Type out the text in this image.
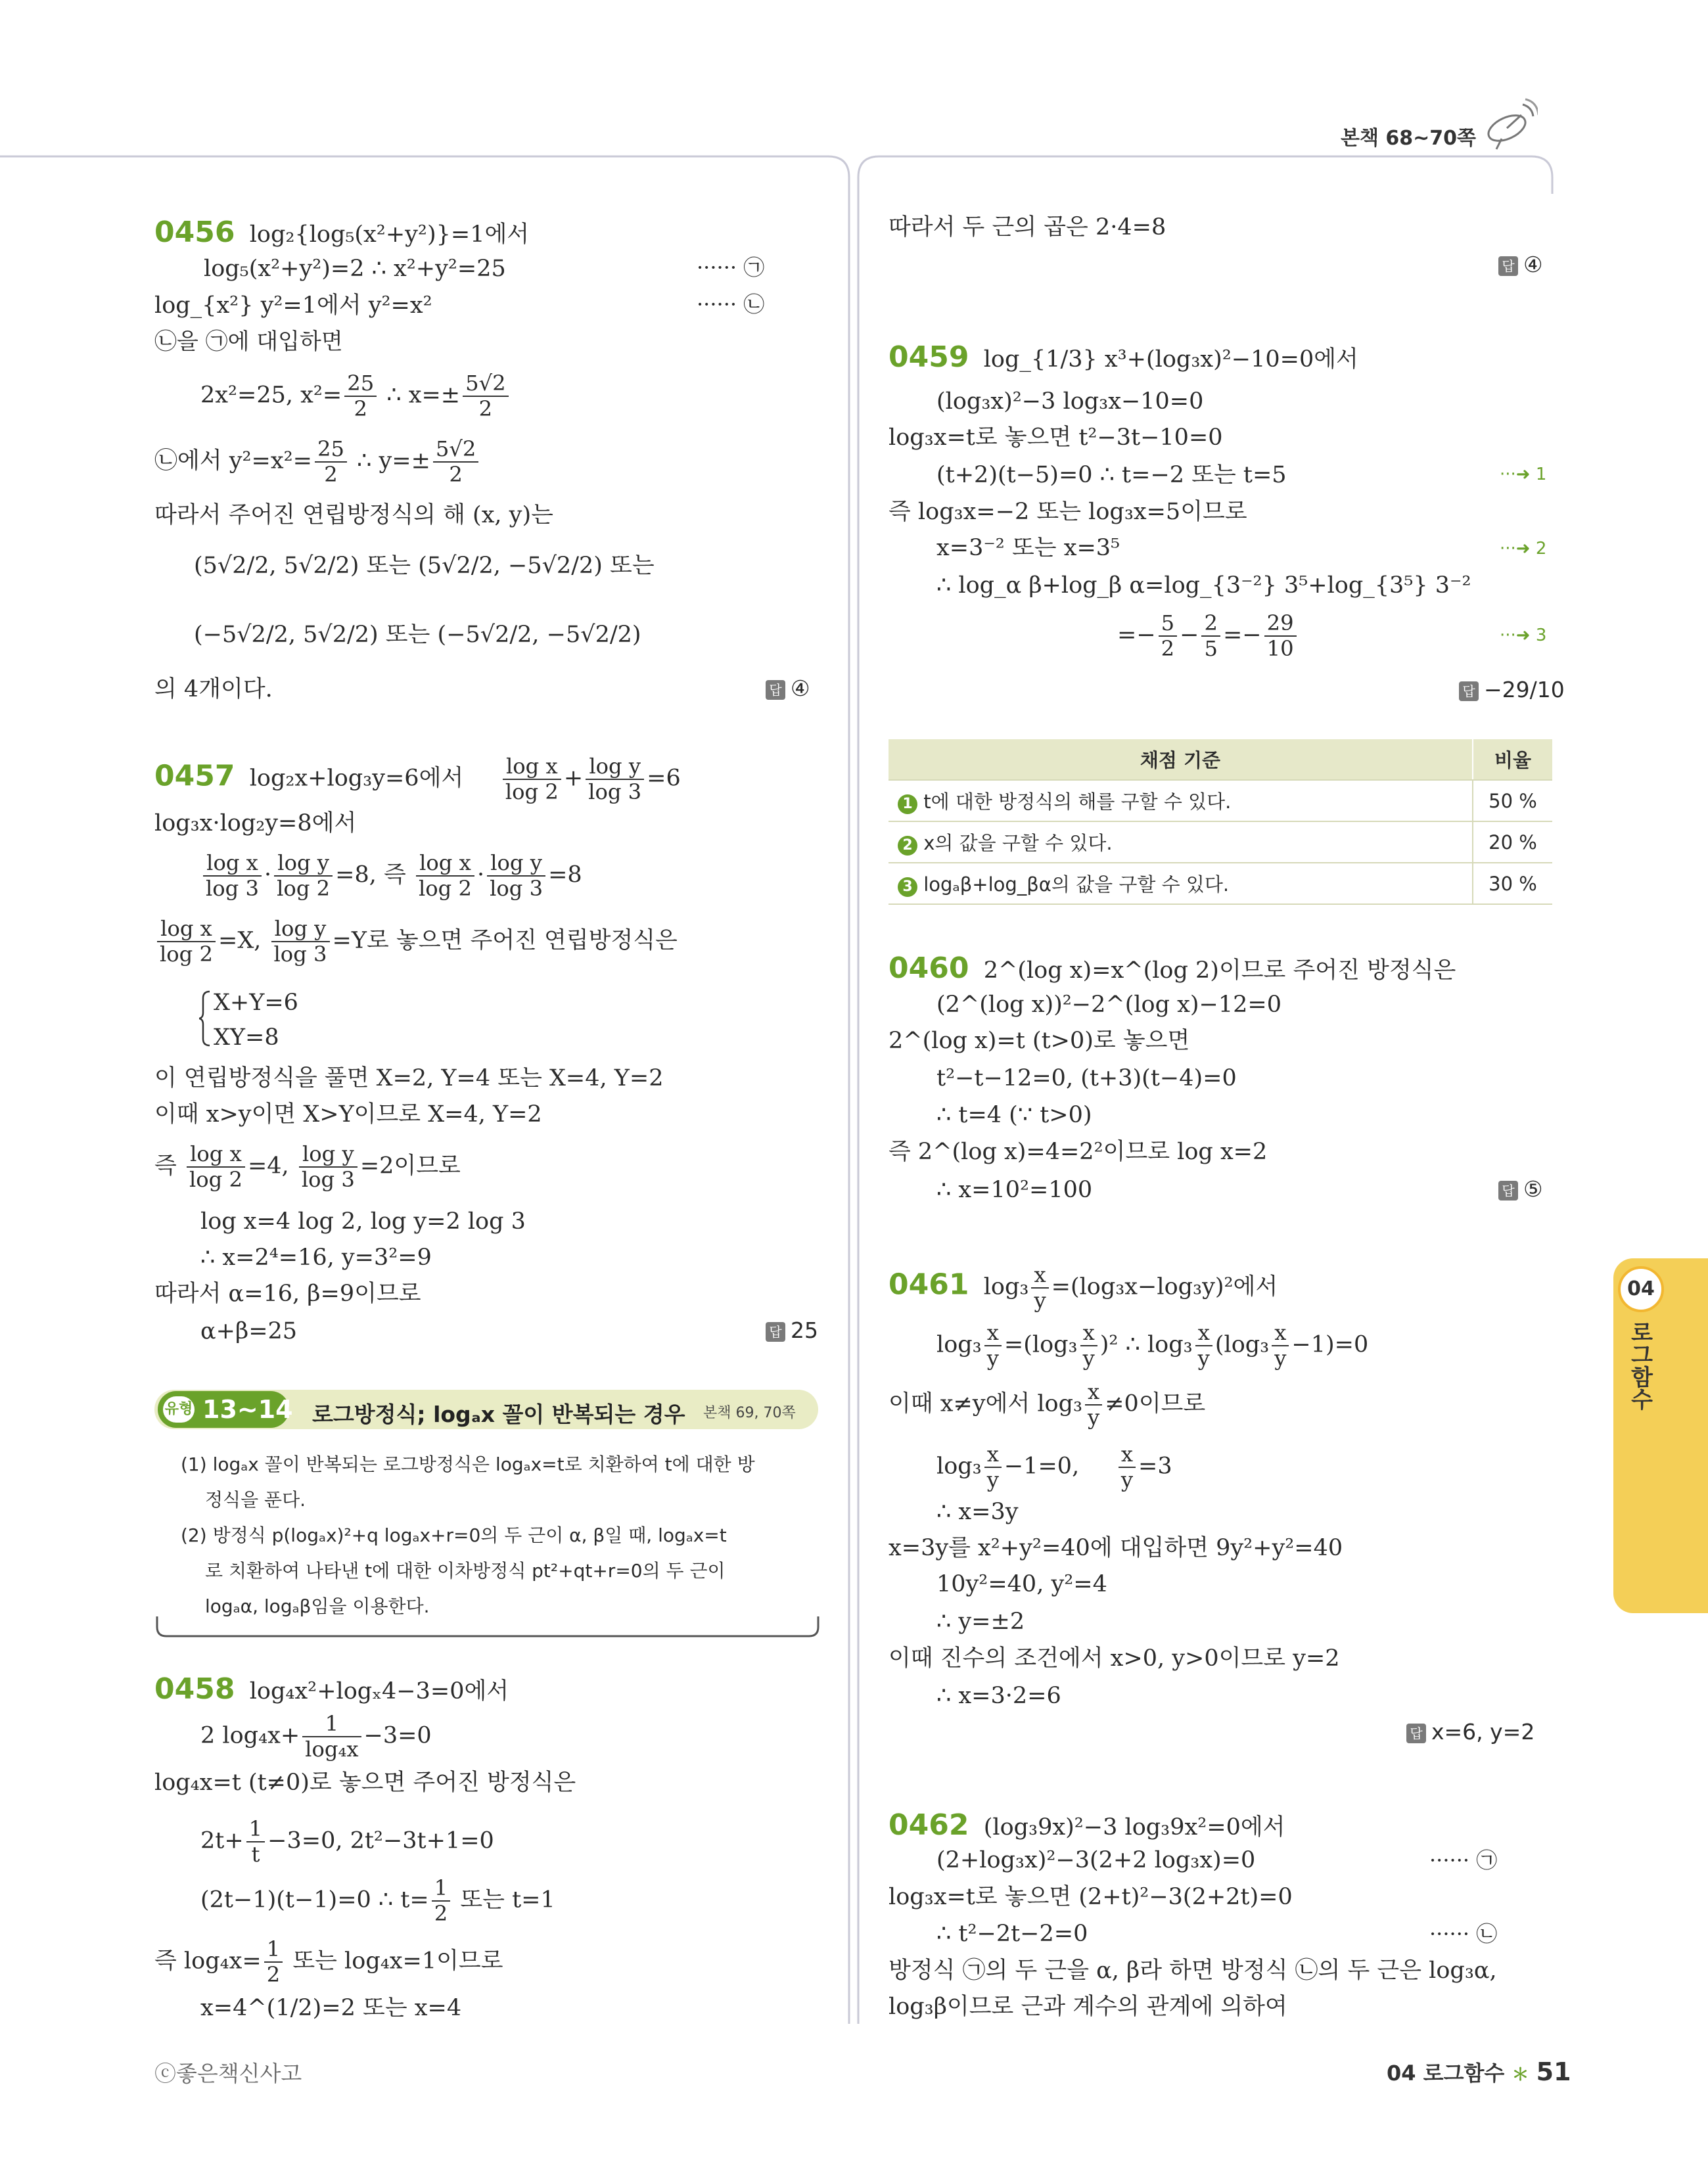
본책 68~70쪽
04
로그함수
0456 log₂{log₅(x²+y²)}=1에서
log₅(x²+y²)=2 ∴ x²+y²=25	······ ㉠
log_{x²} y²=1에서 y²=x²	······ ㉡
㉡을 ㉠에 대입하면
2x²=25, $x^2= \frac{25}{2}$ ∴ $x=\pm \frac{5√2}{2}$
㉡에서 $y^2=x^2= \frac{25}{2}$ ∴ $y=\pm \frac{5√2}{2}$
따라서 주어진 연립방정식의 해 (x, y)는
(5√2/2, 5√2/2) 또는 (5√2/2, −5√2/2) 또는
(−5√2/2, 5√2/2) 또는 (−5√2/2, −5√2/2)
의 4개이다.	답 ④
0457 log₂x+log₃y=6에서 $\frac{\text{log x}}{\log 2} + \frac{\text{log y}}{\log 3} =6$
log₃x·log₂y=8에서
$\frac{\text{log x}}{\log 3} \cdot \frac{\text{log y}}{\log 2} =8$, 즉 $\frac{\text{log x}}{\log 2} \cdot \frac{\text{log y}}{\log 3} =8$
$\frac{\text{log x}}{\log 2} =X$, $\frac{\text{log y}}{\log 3} =Y$로 놓으면 주어진 연립방정식은
X+Y=6
XY=8
이 연립방정식을 풀면 X=2, Y=4 또는 X=4, Y=2
이때 x>y이면 X>Y이므로 X=4, Y=2
즉 $\frac{\text{log x}}{\log 2} =4$, $\frac{\text{log y}}{\log 3} =2$이므로
log x=4 log 2, log y=2 log 3
∴ x=2⁴=16, y=3²=9
따라서 α=16, β=9이므로
α+β=25	답 25
유형 13~14 로그방정식; logₐx 꼴이 반복되는 경우 본책 69, 70쪽
(1) logₐx 꼴이 반복되는 로그방정식은 logₐx=t로 치환하여 t에 대한 방
정식을 푼다.
(2) 방정식 p(logₐx)²+q logₐx+r=0의 두 근이 α, β일 때, logₐx=t
로 치환하여 나타낸 t에 대한 이차방정식 pt²+qt+r=0의 두 근이
logₐα, logₐβ임을 이용한다.
0458 log₄x²+logₓ4−3=0에서
2 $\log_4x+ \frac{1}{\text{log₄x}} -3=0$
log₄x=t (t≠0)로 놓으면 주어진 방정식은
$2t+ \frac{1}{t} -3=0$, 2t²−3t+1=0
(2t−1)(t−1)=0 ∴ $t= \frac{1}{2}$ 또는 t=1
즉 $\log_4x= \frac{1}{2}$ 또는 log₄x=1이므로
x=4^(1/2)=2 또는 x=4
따라서 두 근의 곱은 2·4=8
답 ④
0459 log_{1/3} x³+(log₃x)²−10=0에서
(log₃x)²−3 log₃x−10=0
log₃x=t로 놓으면 t²−3t−10=0
(t+2)(t−5)=0 ∴ t=−2 또는 t=5	···➜ 1
즉 log₃x=−2 또는 log₃x=5이므로
x=3⁻² 또는 x=3⁵	···➜ 2
∴ log_α β+log_β α=log_{3⁻²} 3⁵+log_{3⁵} 3⁻²
=− $\frac{5}{2} - \frac{2}{5} =- \frac{29}{10}$	···➜ 3
답 −29/10
채점 기준	비율
1 t에 대한 방정식의 해를 구할 수 있다.	50 %
2 x의 값을 구할 수 있다.	20 %
3 logₐβ+log_βα의 값을 구할 수 있다.	30 %
0460 2^(log x)=x^(log 2)이므로 주어진 방정식은
(2^(log x))²−2^(log x)−12=0
2^(log x)=t (t>0)로 놓으면
t²−t−12=0, (t+3)(t−4)=0
∴ t=4 (∵ t>0)
즉 2^(log x)=4=2²이므로 log x=2
∴ x=10²=100	답 ⑤
0461 $\log_3 \frac{x}{y} =(\log_3x-\log_3y)^2$에서
$\log_3 \frac{x}{y} =(\log_3 \frac{x}{y} )^2$ ∴ $\log_3 \frac{x}{y} (\log_3 \frac{x}{y} -1)=0$
이때 x≠y에서 $\log_3 \frac{x}{y} \ne 0$이므로
$\log_3 \frac{x}{y} -1=0$, $\frac{x}{y} =3$
∴ x=3y
x=3y를 x²+y²=40에 대입하면 9y²+y²=40
10y²=40, y²=4
∴ y=±2
이때 진수의 조건에서 x>0, y>0이므로 y=2
∴ x=3·2=6
답 x=6, y=2
0462 (log₃9x)²−3 log₃9x²=0에서
(2+log₃x)²−3(2+2 log₃x)=0	······ ㉠
log₃x=t로 놓으면 (2+t)²−3(2+2t)=0
∴ t²−2t−2=0	······ ㉡
방정식 ㉠의 두 근을 α, β라 하면 방정식 ㉡의 두 근은 log₃α,
log₃β이므로 근과 계수의 관계에 의하여
ⓒ좋은책신사고	04 로그함수 ＊ 51
